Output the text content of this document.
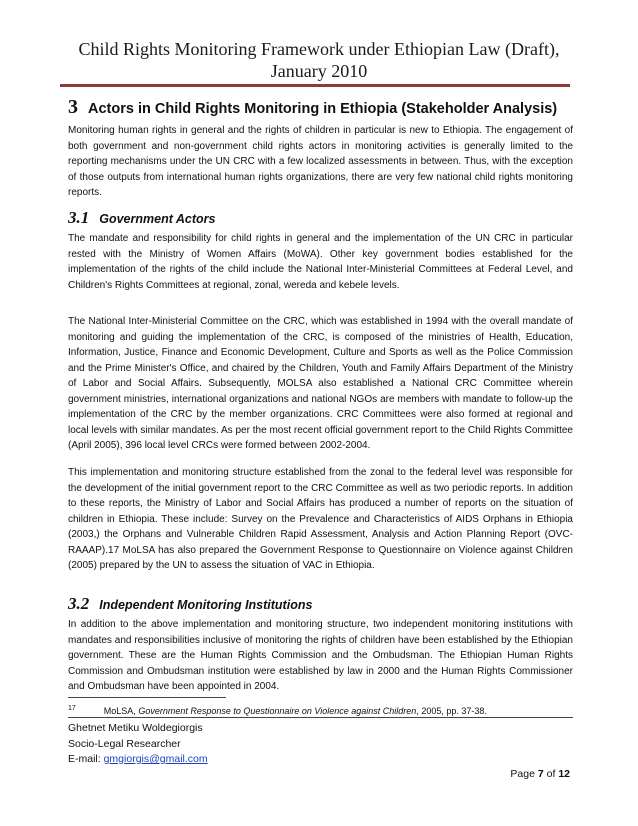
Child Rights Monitoring Framework under Ethiopian Law (Draft),
January 2010
3 Actors in Child Rights Monitoring in Ethiopia (Stakeholder Analysis)

Monitoring human rights in general and the rights of children in particular is new to Ethiopia. The engagement of both government and non-government child rights actors in monitoring activities is generally limited to the reporting mechanisms under the UN CRC with a few localized assessments in between. Thus, with the exception of those outputs from international human rights organizations, there are very few national child rights monitoring reports.

3.1 Government Actors

The mandate and responsibility for child rights in general and the implementation of the UN CRC in particular rested with the Ministry of Women Affairs (MoWA). Other key government bodies established for the implementation of the rights of the child include the National Inter-Ministerial Committees at Federal Level, and Children's Rights Committees at regional, zonal, wereda and kebele levels.

The National Inter-Ministerial Committee on the CRC, which was established in 1994 with the overall mandate of monitoring and guiding the implementation of the CRC, is composed of the ministries of Health, Education, Information, Justice, Finance and Economic Development, Culture and Sports as well as the Police Commission and the Prime Minister's Office, and chaired by the Children, Youth and Family Affairs Department of the Ministry of Labor and Social Affairs. Subsequently, MOLSA also established a National CRC Committee wherein government ministries, international organizations and national NGOs are members with mandate to follow-up the implementation of the CRC by the member organizations. CRC Committees were also formed at regional and local levels with similar mandates. As per the most recent official government report to the Child Rights Committee (April 2005), 396 local level CRCs were formed between 2002-2004.

This implementation and monitoring structure established from the zonal to the federal level was responsible for the development of the initial government report to the CRC Committee as well as two periodic reports. In addition to these reports, the Ministry of Labor and Social Affairs has produced a number of reports on the situation of children in Ethiopia. These include: Survey on the Prevalence and Characteristics of AIDS Orphans in Ethiopia (2003,) the Orphans and Vulnerable Children Rapid Assessment, Analysis and Action Planning Report (OVC-RAAAP).17 MoLSA has also prepared the Government Response to Questionnaire on Violence against Children (2005) prepared by the UN to assess the situation of VAC in Ethiopia.

3.2 Independent Monitoring Institutions

In addition to the above implementation and monitoring structure, two independent monitoring institutions with mandates and responsibilities inclusive of monitoring the rights of children have been established by the Ethiopian government. These are the Human Rights Commission and the Ombudsman. The Ethiopian Human Rights Commission and Ombudsman institution were established by law in 2000 and the Human Rights Commissioner and Ombudsman have been appointed in 2004.

$^{17}$	MoLSA, Government Response to Questionnaire on Violence against Children, 2005, pp. 37-38.
Ghetnet Metiku Woldegiorgis
Socio-Legal Researcher
E-mail: gmgiorgis@gmail.com
Page 7 of 12
